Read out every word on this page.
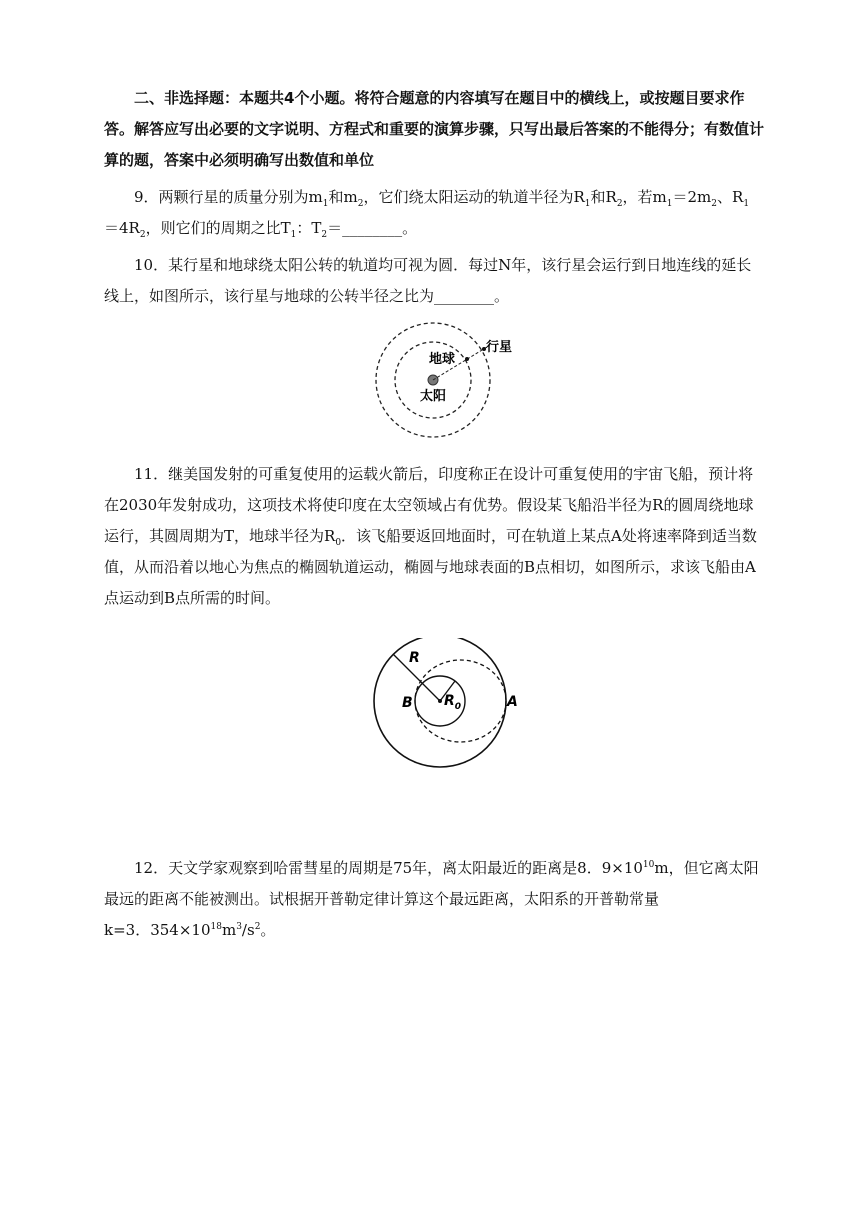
二、非选择题：本题共4个小题。将符合题意的内容填写在题目中的横线上，或按题目要求作答。解答应写出必要的文字说明、方程式和重要的演算步骤，只写出最后答案的不能得分；有数值计算的题，答案中必须明确写出数值和单位

9．两颗行星的质量分别为$m_1$和$m_2$，它们绕太阳运动的轨道半径为$R_1$和$R_2$，若$m_1=2m_2$、$R_1=4R_2$，则它们的周期之比$T_1$：$T_2=\_\_\_\_\_\_\_\_$。

10．某行星和地球绕太阳公转的轨道均可视为圆．每过N年，该行星会运行到日地连线的延长线上，如图所示，该行星与地球的公转半径之比为________。

地球
行星
太阳

11．继美国发射的可重复使用的运载火箭后，印度称正在设计可重复使用的宇宙飞船，预计将在2030年发射成功，这项技术将使印度在太空领域占有优势。假设某飞船沿半径为R的圆周绕地球运行，其圆周期为T，地球半径为$R_0$．该飞船要返回地面时，可在轨道上某点A处将速率降到适当数值，从而沿着以地心为焦点的椭圆轨道运动，椭圆与地球表面的B点相切，如图所示，求该飞船由A点运动到B点所需的时间。

R
$R_0$
B	A

12．天文学家观察到哈雷彗星的周期是75年，离太阳最近的距离是8．$9\times 10^{10}m$，但它离太阳最远的距离不能被测出。试根据开普勒定律计算这个最远距离，太阳系的开普勒常量
k=3．$354\times 10^{18}m^3/s^2$。
